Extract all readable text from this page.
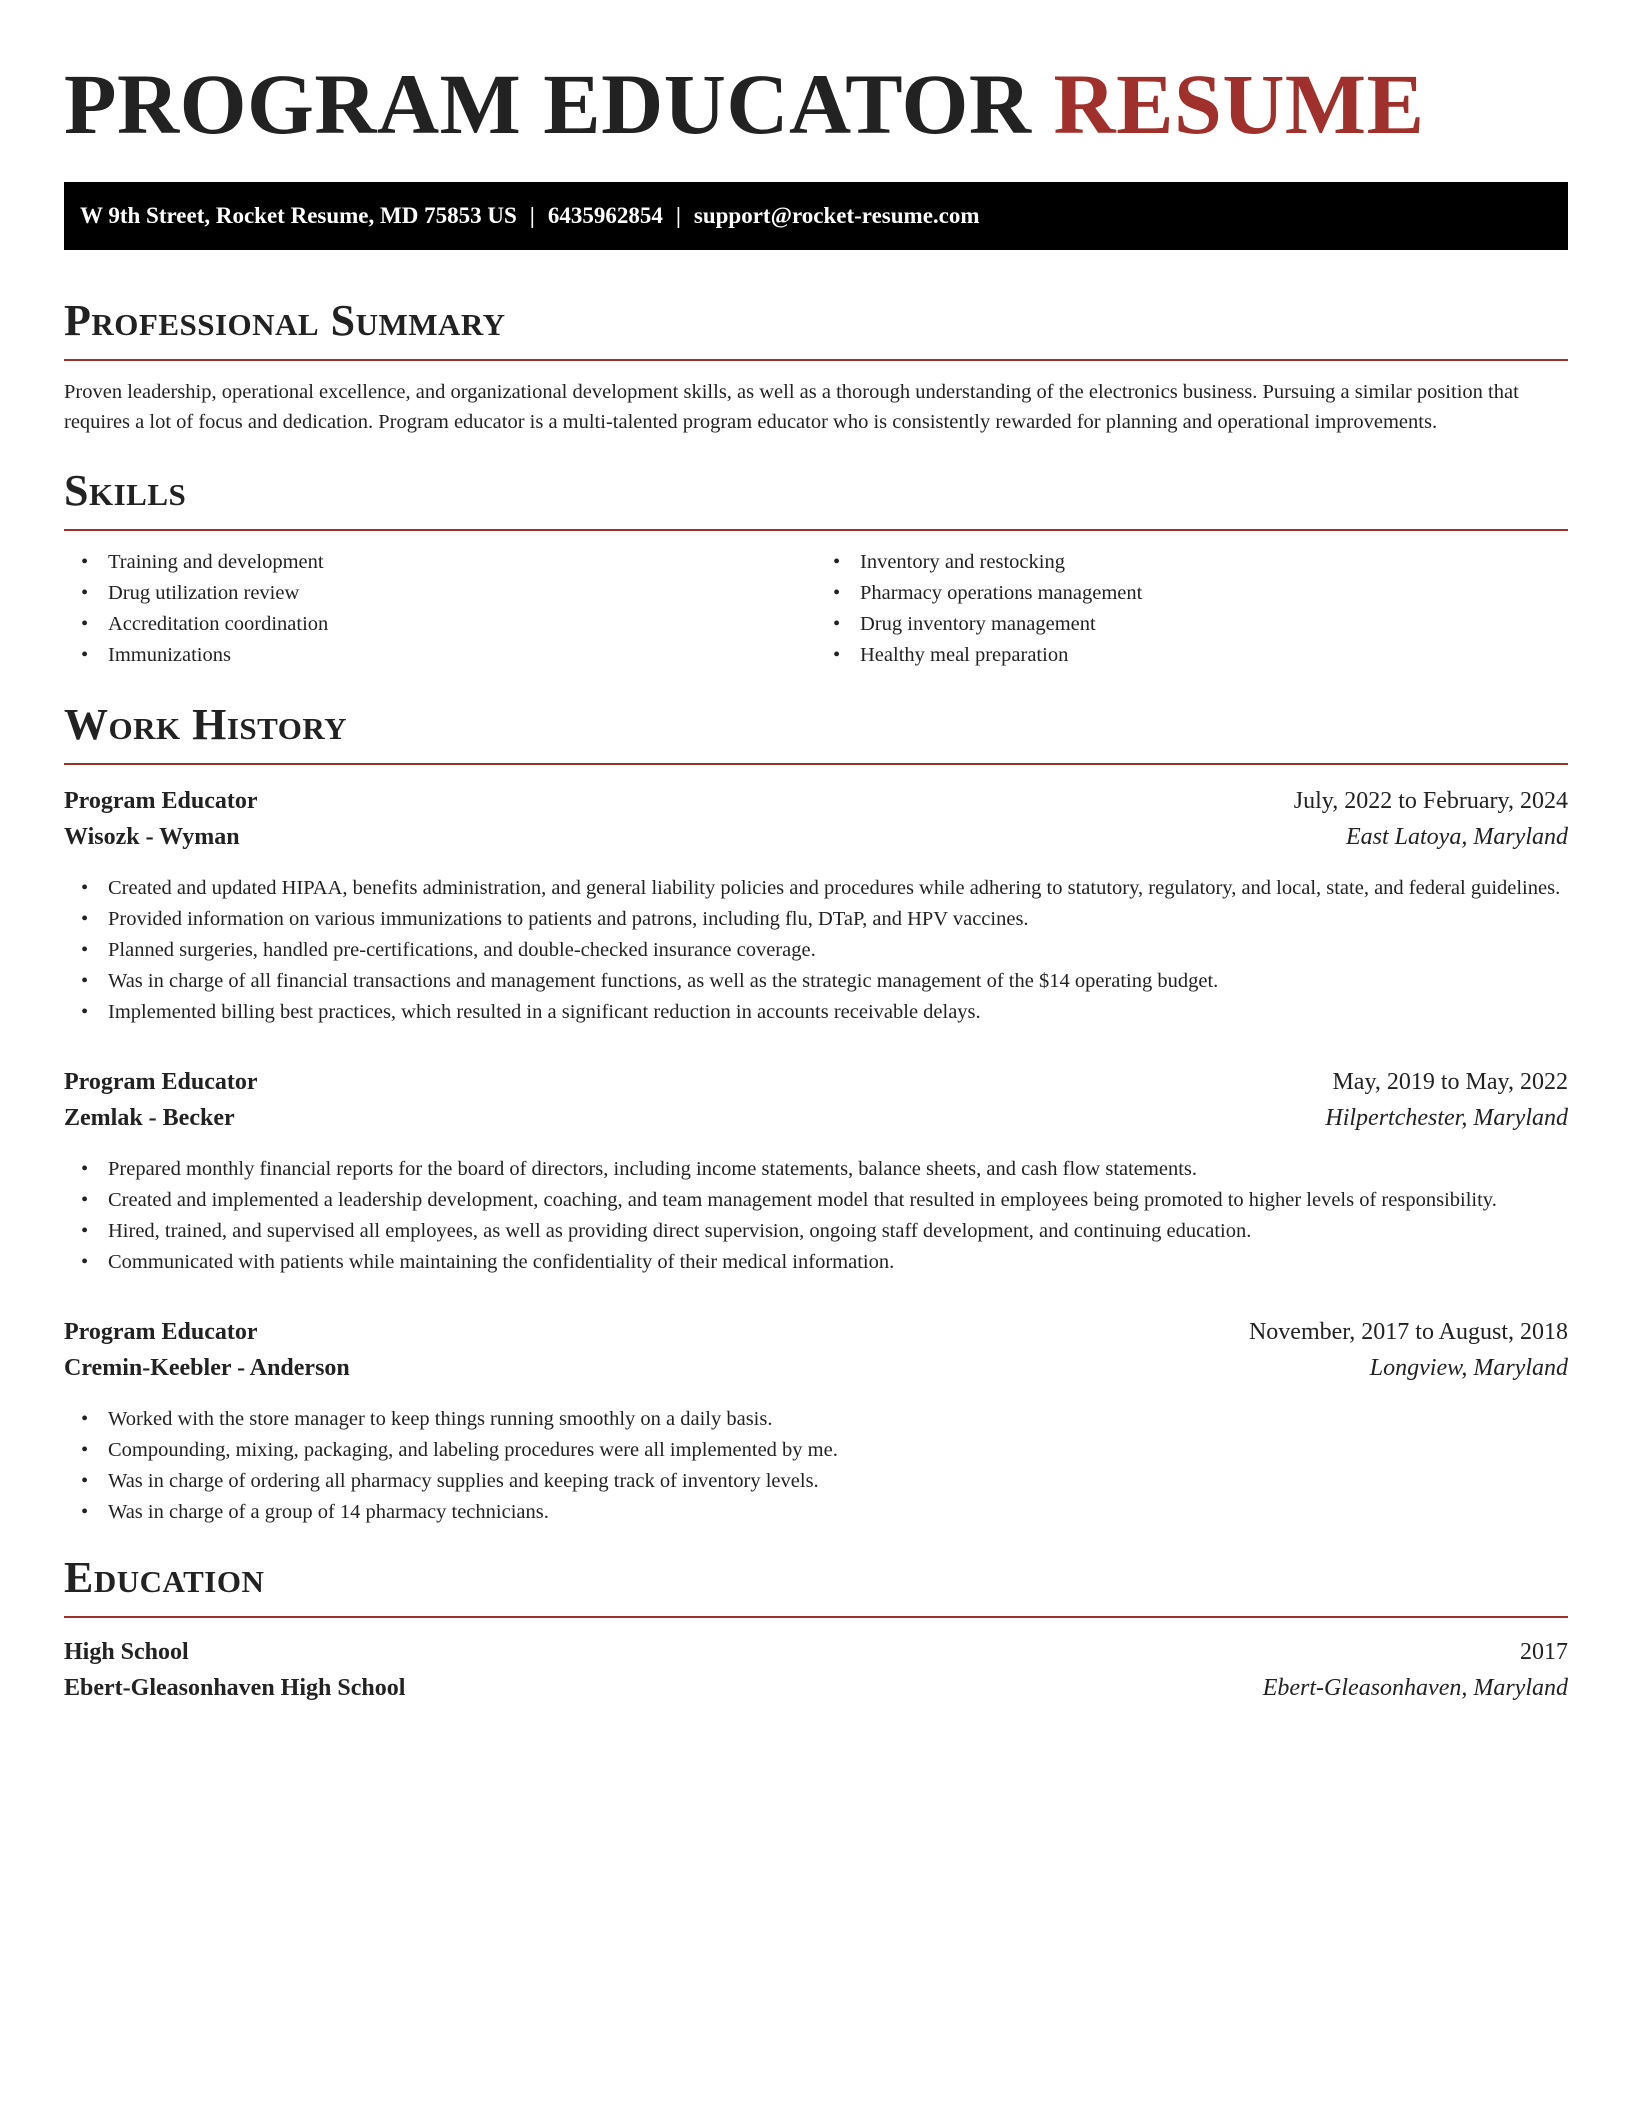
PROGRAM EDUCATOR RESUME
W 9th Street, Rocket Resume, MD 75853 US | 6435962854 | support@rocket-resume.com
Professional Summary

Proven leadership, operational excellence, and organizational development skills, as well as a thorough understanding of the electronics business. Pursuing a similar position that requires a lot of focus and dedication. Program educator is a multi-talented program educator who is consistently rewarded for planning and operational improvements.

Skills
• Training and development
• Drug utilization review
• Accreditation coordination
• Immunizations
• Inventory and restocking
• Pharmacy operations management
• Drug inventory management
• Healthy meal preparation
Work History
Program Educator	July, 2022 to February, 2024
Wisozk - Wyman	East Latoya, Maryland
• Created and updated HIPAA, benefits administration, and general liability policies and procedures while adhering to statutory, regulatory, and local, state, and federal guidelines.
• Provided information on various immunizations to patients and patrons, including flu, DTaP, and HPV vaccines.
• Planned surgeries, handled pre-certifications, and double-checked insurance coverage.
• Was in charge of all financial transactions and management functions, as well as the strategic management of the $14 operating budget.
• Implemented billing best practices, which resulted in a significant reduction in accounts receivable delays.
Program Educator	May, 2019 to May, 2022
Zemlak - Becker	Hilpertchester, Maryland
• Prepared monthly financial reports for the board of directors, including income statements, balance sheets, and cash flow statements.
• Created and implemented a leadership development, coaching, and team management model that resulted in employees being promoted to higher levels of responsibility.
• Hired, trained, and supervised all employees, as well as providing direct supervision, ongoing staff development, and continuing education.
• Communicated with patients while maintaining the confidentiality of their medical information.
Program Educator	November, 2017 to August, 2018
Cremin-Keebler - Anderson	Longview, Maryland
• Worked with the store manager to keep things running smoothly on a daily basis.
• Compounding, mixing, packaging, and labeling procedures were all implemented by me.
• Was in charge of ordering all pharmacy supplies and keeping track of inventory levels.
• Was in charge of a group of 14 pharmacy technicians.
Education
High School	2017
Ebert-Gleasonhaven High School	Ebert-Gleasonhaven, Maryland
